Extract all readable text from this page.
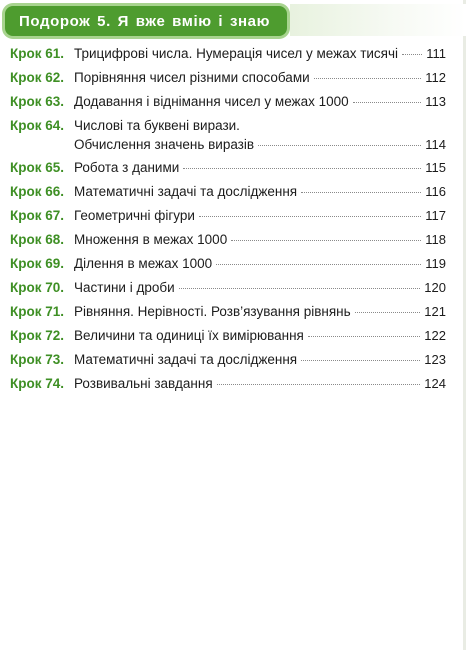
Подорож 5. Я вже вмію і знаю
Крок 61. Трицифрові числа. Нумерація чисел у межах тисячі 111
Крок 62. Порівняння чисел різними способами	112
Крок 63. Додавання і віднімання чисел у межах 1000	113
Крок 64. Числові та буквені вирази.
Обчислення значень виразів	114
Крок 65. Робота з даними	115
Крок 66. Математичні задачі та дослідження	116
Крок 67. Геометричні фігури	117
Крок 68. Множення в межах 1000	118
Крок 69. Ділення в межах 1000	119
Крок 70. Частини і дроби	120
Крок 71. Рівняння. Нерівності. Розв’язування рівнянь	121
Крок 72. Величини та одиниці їх вимірювання	122
Крок 73. Математичні задачі та дослідження	123
Крок 74. Розвивальні завдання	124
